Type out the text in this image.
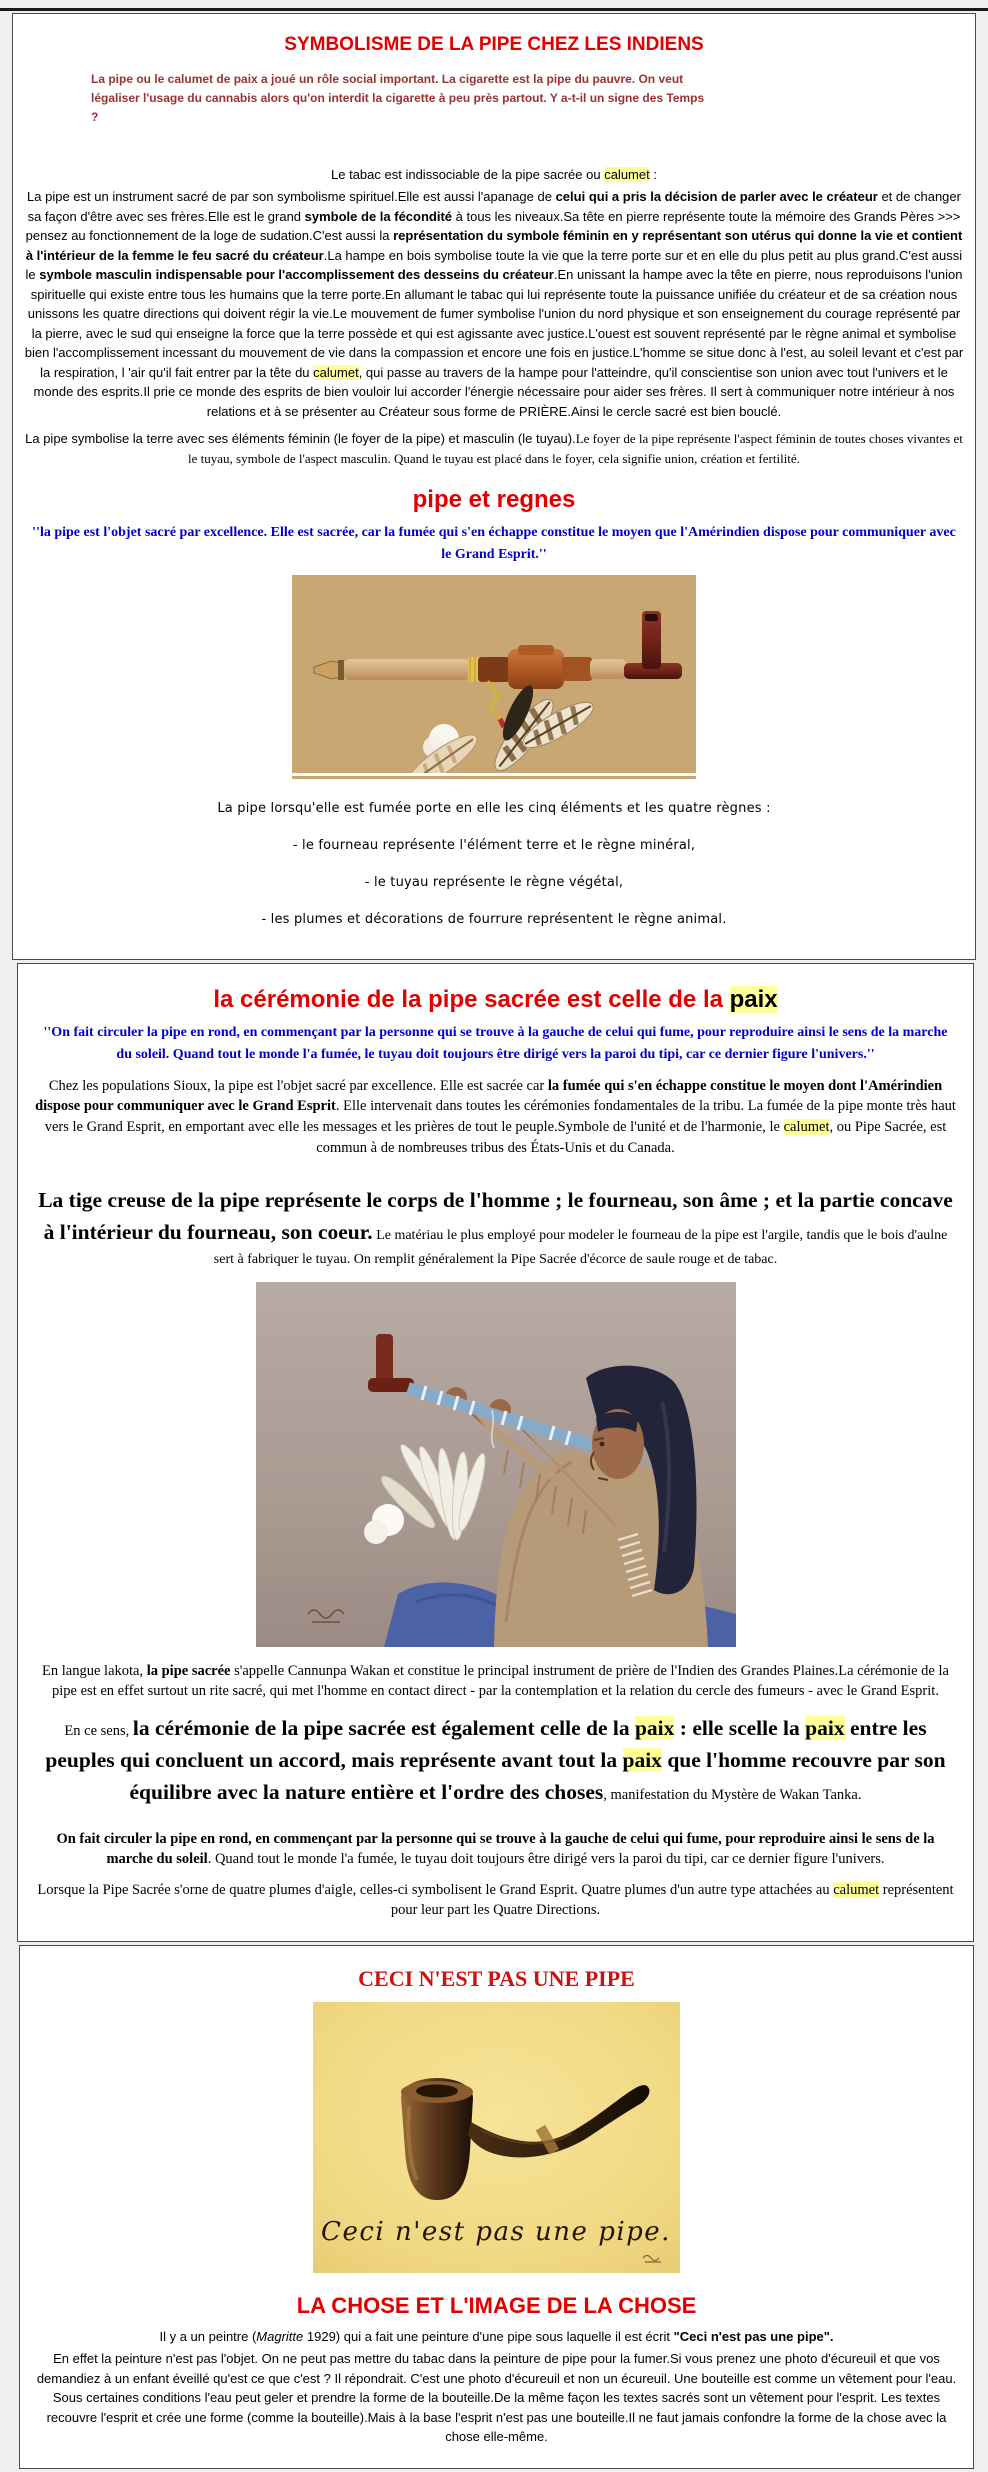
SYMBOLISME DE LA PIPE CHEZ LES INDIENS
La pipe ou le calumet de paix a joué un rôle social important. La cigarette est la pipe du pauvre. On veut
légaliser l'usage du cannabis alors qu'on interdit la cigarette à peu près partout. Y a-t-il un signe des Temps
?
Le tabac est indissociable de la pipe sacrée ou calumet :
La pipe est un instrument sacré de par son symbolisme spirituel.Elle est aussi l'apanage de celui qui a pris la décision de parler avec le créateur et de changer sa façon d'être avec ses frères.Elle est le grand symbole de la fécondité à tous les niveaux.Sa tête en pierre représente toute la mémoire des Grands Pères >>> pensez au fonctionnement de la loge de sudation.C'est aussi la représentation du symbole féminin en y représentant son utérus qui donne la vie et contient à l'intérieur de la femme le feu sacré du créateur.La hampe en bois symbolise toute la vie que la terre porte sur et en elle du plus petit au plus grand.C'est aussi le symbole masculin indispensable pour l'accomplissement des desseins du créateur.En unissant la hampe avec la tête en pierre, nous reproduisons l'union spirituelle qui existe entre tous les humains que la terre porte.En allumant le tabac qui lui représente toute la puissance unifiée du créateur et de sa création nous unissons les quatre directions qui doivent régir la vie.Le mouvement de fumer symbolise l'union du nord physique et son enseignement du courage représenté par la pierre, avec le sud qui enseigne la force que la terre possède et qui est agissante avec justice.L'ouest est souvent représenté par le règne animal et symbolise bien l'accomplissement incessant du mouvement de vie dans la compassion et encore une fois en justice.L'homme se situe donc à l'est, au soleil levant et c'est par la respiration, l 'air qu'il fait entrer par la tête du calumet, qui passe au travers de la hampe pour l'atteindre, qu'il conscientise son union avec tout l'univers et le monde des esprits.Il prie ce monde des esprits de bien vouloir lui accorder l'énergie nécessaire pour aider ses frères. Il sert à communiquer notre intérieur à nos relations et à se présenter au Créateur sous forme de PRIÈRE.Ainsi le cercle sacré est bien bouclé.
La pipe symbolise la terre avec ses éléments féminin (le foyer de la pipe) et masculin (le tuyau).Le foyer de la pipe représente l'aspect féminin de toutes choses vivantes et le tuyau, symbole de l'aspect masculin. Quand le tuyau est placé dans le foyer, cela signifie union, création et fertilité.
pipe et regnes
''la pipe est l'objet sacré par excellence. Elle est sacrée, car la fumée qui s'en échappe constitue le moyen que l'Amérindien dispose pour communiquer avec le Grand Esprit.''
La pipe lorsqu'elle est fumée porte en elle les cinq éléments et les quatre règnes :
- le fourneau représente l'élément terre et le règne minéral,
- le tuyau représente le règne végétal,
- les plumes et décorations de fourrure représentent le règne animal.
la cérémonie de la pipe sacrée est celle de la paix
''On fait circuler la pipe en rond, en commençant par la personne qui se trouve à la gauche de celui qui fume, pour reproduire ainsi le sens de la marche du soleil. Quand tout le monde l'a fumée, le tuyau doit toujours être dirigé vers la paroi du tipi, car ce dernier figure l'univers.''
Chez les populations Sioux, la pipe est l'objet sacré par excellence. Elle est sacrée car la fumée qui s'en échappe constitue le moyen dont l'Amérindien dispose pour communiquer avec le Grand Esprit. Elle intervenait dans toutes les cérémonies fondamentales de la tribu. La fumée de la pipe monte très haut vers le Grand Esprit, en emportant avec elle les messages et les prières de tout le peuple.Symbole de l'unité et de l'harmonie, le calumet, ou Pipe Sacrée, est commun à de nombreuses tribus des États-Unis et du Canada.
La tige creuse de la pipe représente le corps de l'homme ; le fourneau, son âme ; et la partie concave à l'intérieur du fourneau, son coeur. Le matériau le plus employé pour modeler le fourneau de la pipe est l'argile, tandis que le bois d'aulne sert à fabriquer le tuyau. On remplit généralement la Pipe Sacrée d'écorce de saule rouge et de tabac.
En langue lakota, la pipe sacrée s'appelle Cannunpa Wakan et constitue le principal instrument de prière de l'Indien des Grandes Plaines.La cérémonie de la pipe est en effet surtout un rite sacré, qui met l'homme en contact direct - par la contemplation et la relation du cercle des fumeurs - avec le Grand Esprit.
En ce sens, la cérémonie de la pipe sacrée est également celle de la paix : elle scelle la paix entre les peuples qui concluent un accord, mais représente avant tout la paix que l'homme recouvre par son équilibre avec la nature entière et l'ordre des choses, manifestation du Mystère de Wakan Tanka.
On fait circuler la pipe en rond, en commençant par la personne qui se trouve à la gauche de celui qui fume, pour reproduire ainsi le sens de la marche du soleil. Quand tout le monde l'a fumée, le tuyau doit toujours être dirigé vers la paroi du tipi, car ce dernier figure l'univers.
Lorsque la Pipe Sacrée s'orne de quatre plumes d'aigle, celles-ci symbolisent le Grand Esprit. Quatre plumes d'un autre type attachées au calumet représentent pour leur part les Quatre Directions.
CECI N'EST PAS UNE PIPE
Ceci n'est pas une pipe.
LA CHOSE ET L'IMAGE DE LA CHOSE
Il y a un peintre (Magritte 1929) qui a fait une peinture d'une pipe sous laquelle il est écrit "Ceci n'est pas une pipe".
En effet la peinture n'est pas l'objet. On ne peut pas mettre du tabac dans la peinture de pipe pour la fumer.Si vous prenez une photo d'écureuil et que vos demandiez à un enfant éveillé qu'est ce que c'est ? Il répondrait. C'est une photo d'écureuil et non un écureuil. Une bouteille est comme un vêtement pour l'eau. Sous certaines conditions l'eau peut geler et prendre la forme de la bouteille.De la même façon les textes sacrés sont un vêtement pour l'esprit. Les textes recouvre l'esprit et crée une forme (comme la bouteille).Mais à la base l'esprit n'est pas une bouteille.Il ne faut jamais confondre la forme de la chose avec la chose elle-même.
